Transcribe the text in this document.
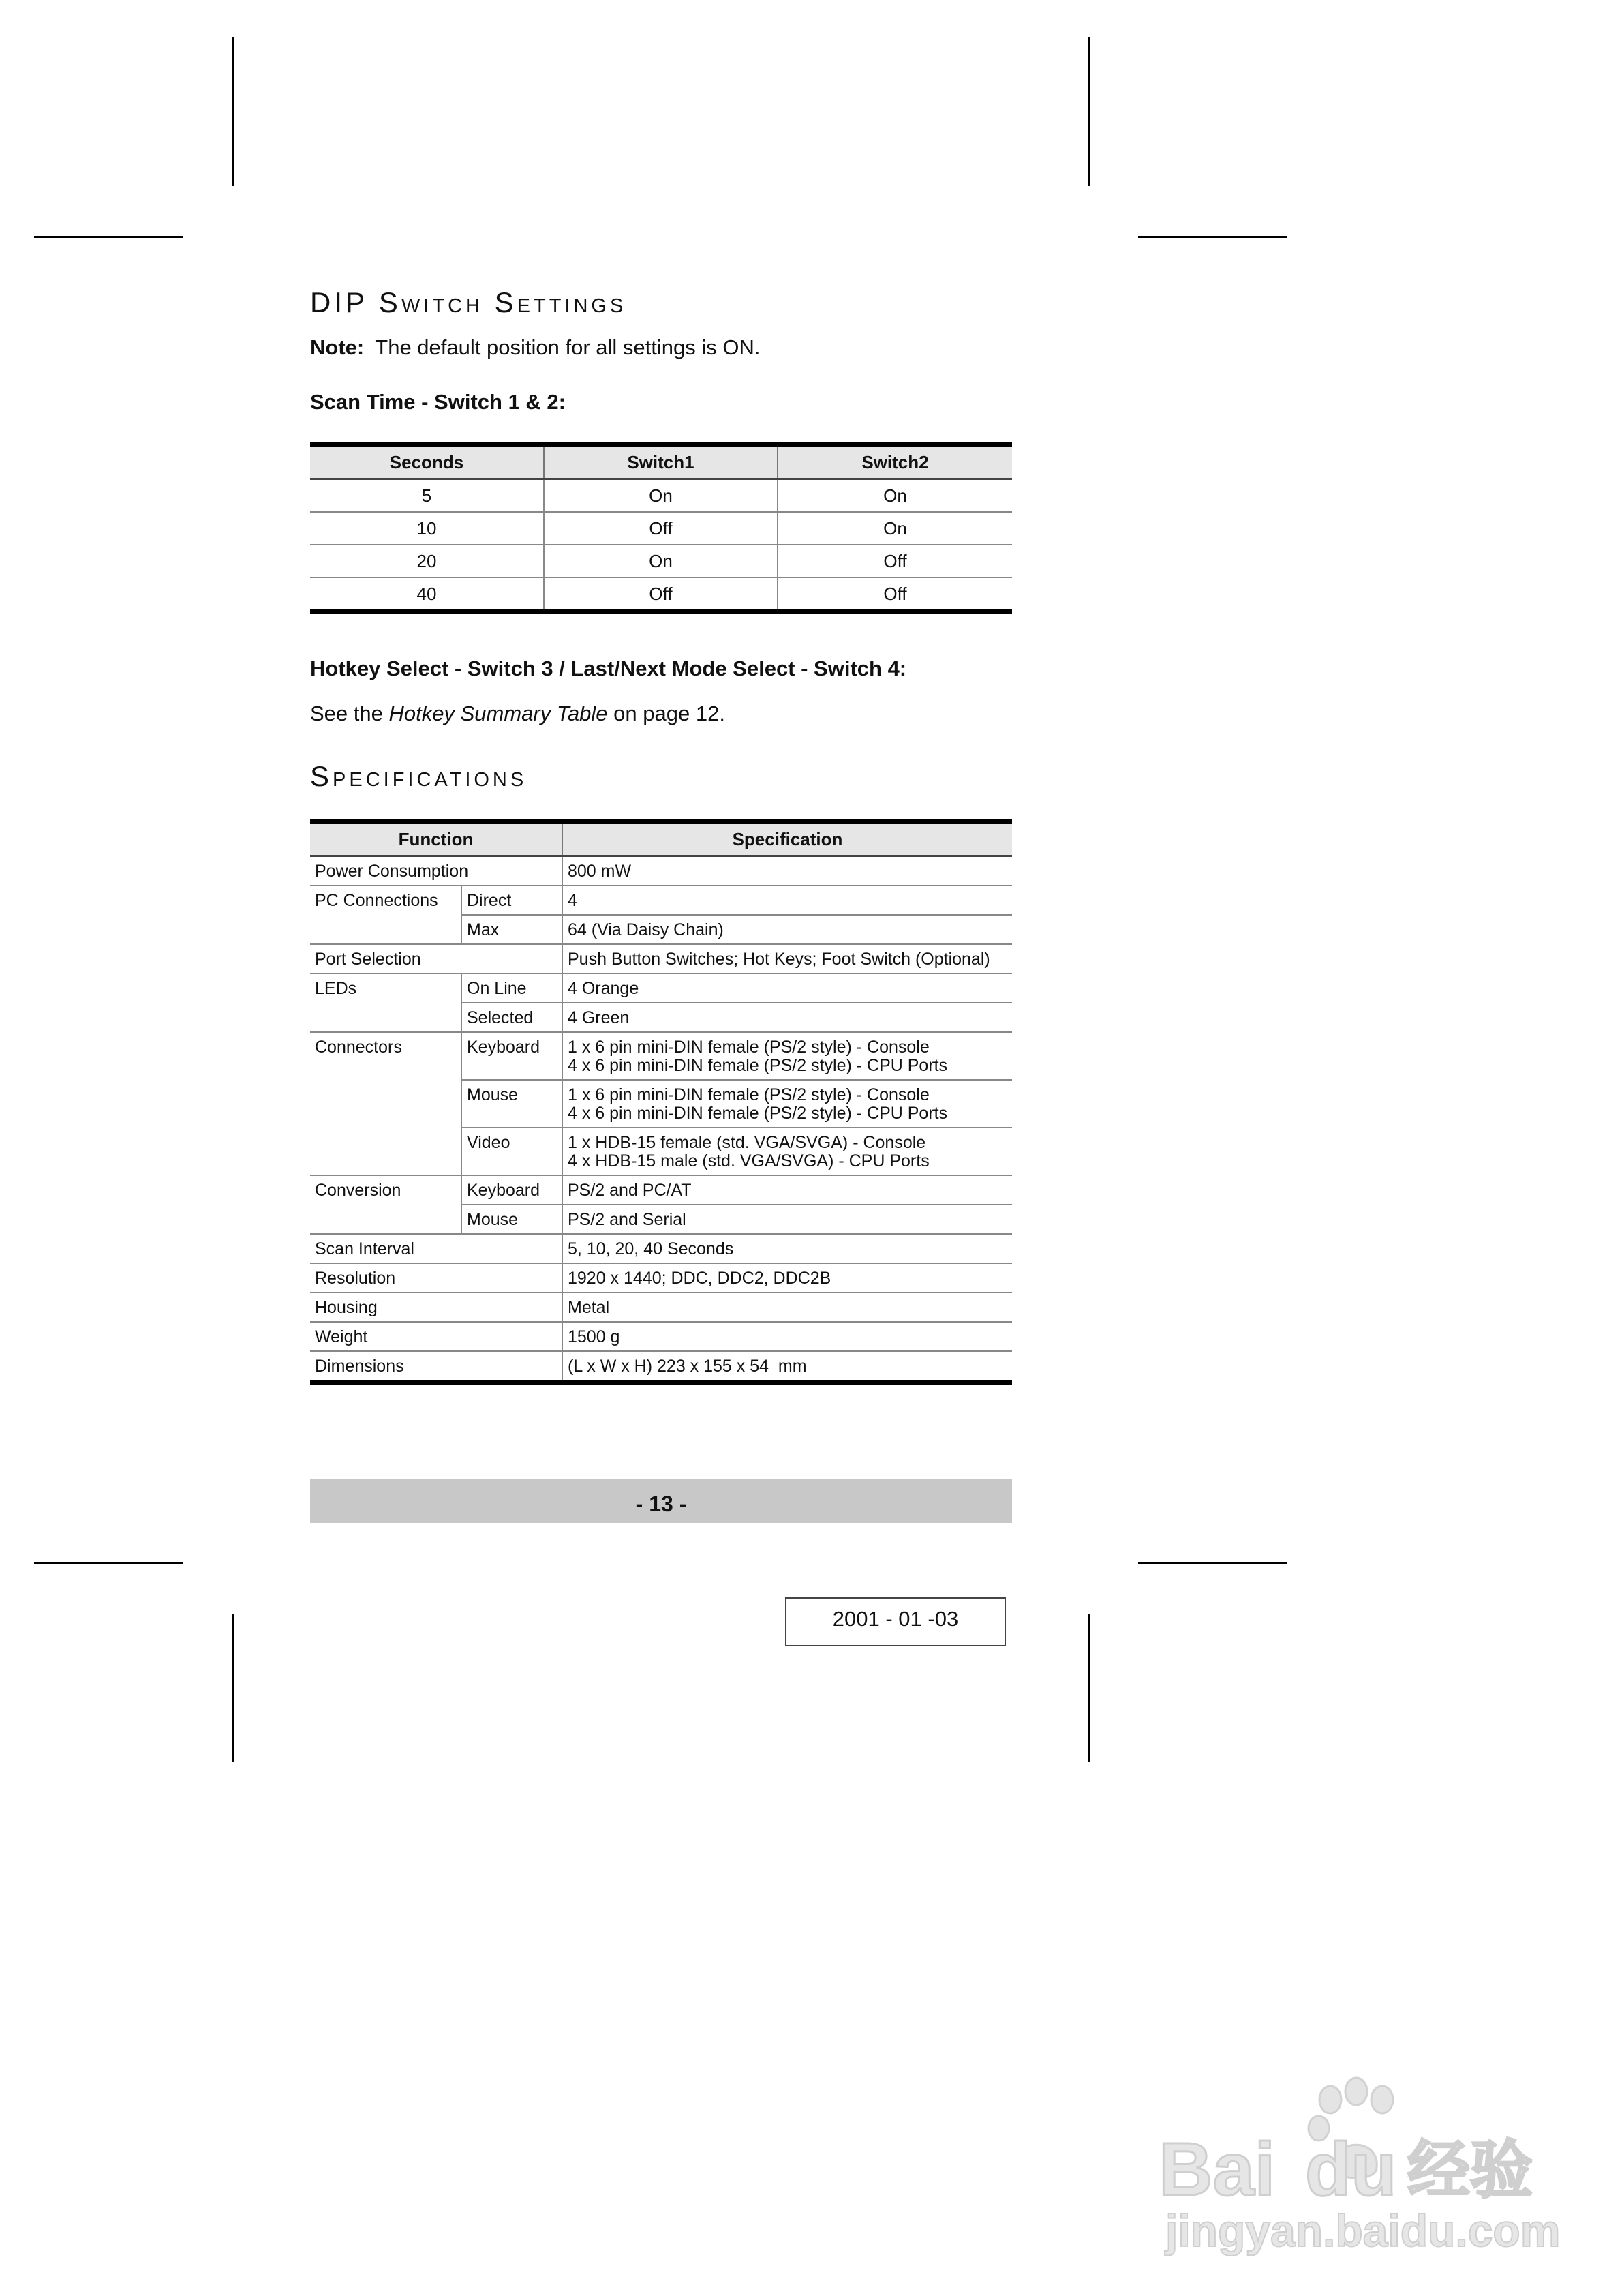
DIP Switch Settings
Note: The default position for all settings is ON.
Scan Time - Switch 1 & 2:
Seconds	Switch1	Switch2
5	On	On
10	Off	On
20	On	Off
40	Off	Off
Hotkey Select - Switch 3 / Last/Next Mode Select - Switch 4:
See the Hotkey Summary Table on page 12.
Specifications
Function		Specification
Power Consumption		800 mW
PC Connections	Direct	4
	Max	64 (Via Daisy Chain)
Port Selection		Push Button Switches; Hot Keys; Foot Switch (Optional)
LEDs	On Line	4 Orange
	Selected	4 Green
Connectors	Keyboard	1 x 6 pin mini-DIN female (PS/2 style) - Console
4 x 6 pin mini-DIN female (PS/2 style) - CPU Ports

	Mouse	1 x 6 pin mini-DIN female (PS/2 style) - Console
4 x 6 pin mini-DIN female (PS/2 style) - CPU Ports

	Video	1 x HDB-15 female (std. VGA/SVGA) - Console
4 x HDB-15 male (std. VGA/SVGA) - CPU Ports

Conversion	Keyboard	PS/2 and PC/AT
	Mouse	PS/2 and Serial
Scan Interval		5, 10, 20, 40 Seconds
Resolution		1920 x 1440; DDC, DDC2, DDC2B
Housing		Metal
Weight		1500 g
Dimensions		(L x W x H) 223 x 155 x 54  mm
- 13 -
2001 - 01 -03
Bai du 经验
jingyan.baidu.com
